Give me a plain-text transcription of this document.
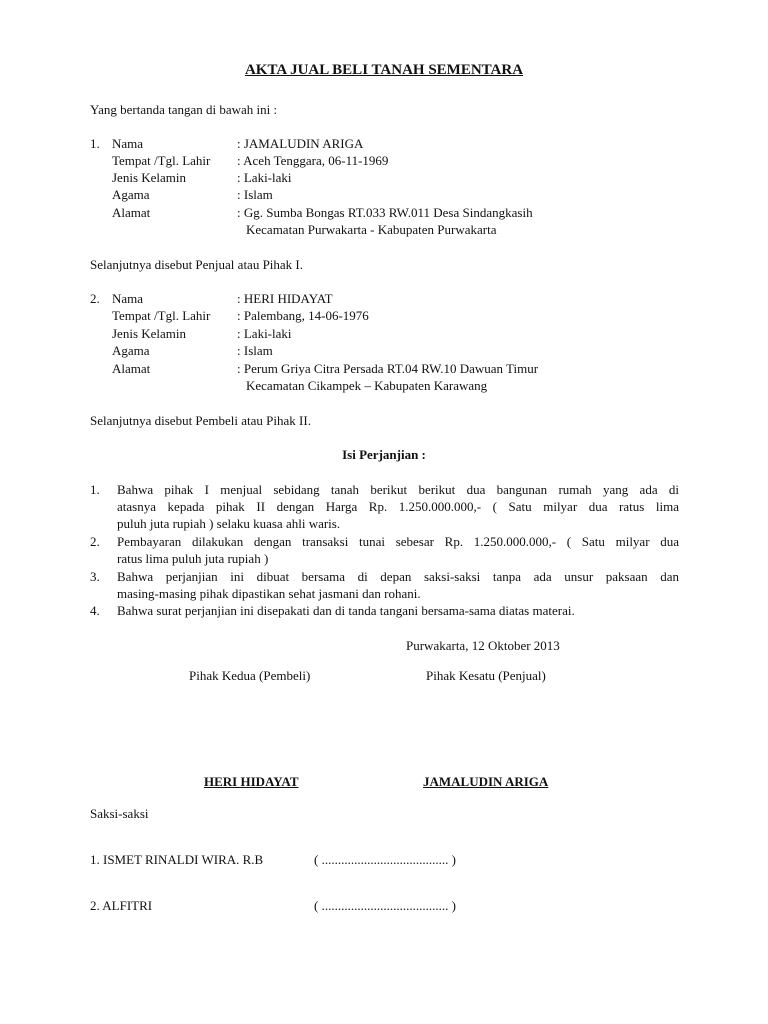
AKTA JUAL BELI TANAH SEMENTARA
Yang bertanda tangan di bawah ini :
1. Nama	: JAMALUDIN ARIGA
Tempat /Tgl. Lahir : Aceh Tenggara, 06-11-1969
Jenis Kelamin	: Laki-laki
Agama	: Islam
Alamat	: Gg. Sumba Bongas RT.033 RW.011 Desa Sindangkasih
Kecamatan Purwakarta - Kabupaten Purwakarta
Selanjutnya disebut Penjual atau Pihak I.
2. Nama	: HERI HIDAYAT
Tempat /Tgl. Lahir : Palembang, 14-06-1976
Jenis Kelamin	: Laki-laki
Agama	: Islam
Alamat	: Perum Griya Citra Persada RT.04 RW.10 Dawuan Timur
Kecamatan Cikampek – Kabupaten Karawang
Selanjutnya disebut Pembeli atau Pihak II.
Isi Perjanjian :
1. Bahwa pihak I menjual sebidang tanah berikut berikut dua bangunan rumah yang ada di
atasnya kepada pihak II dengan Harga Rp. 1.250.000.000,- ( Satu milyar dua ratus lima
puluh juta rupiah ) selaku kuasa ahli waris.
2. Pembayaran dilakukan dengan transaksi tunai sebesar Rp. 1.250.000.000,- ( Satu milyar dua
ratus lima puluh juta rupiah )
3. Bahwa perjanjian ini dibuat bersama di depan saksi-saksi tanpa ada unsur paksaan dan
masing-masing pihak dipastikan sehat jasmani dan rohani.
4. Bahwa surat perjanjian ini disepakati dan di tanda tangani bersama-sama diatas materai.
Purwakarta, 12 Oktober 2013
Pihak Kedua (Pembeli)	Pihak Kesatu (Penjual)
HERI HIDAYAT	JAMALUDIN ARIGA
Saksi-saksi
1. ISMET RINALDI WIRA. R.B	( ....................................... )
2. ALFITRI	( ....................................... )
